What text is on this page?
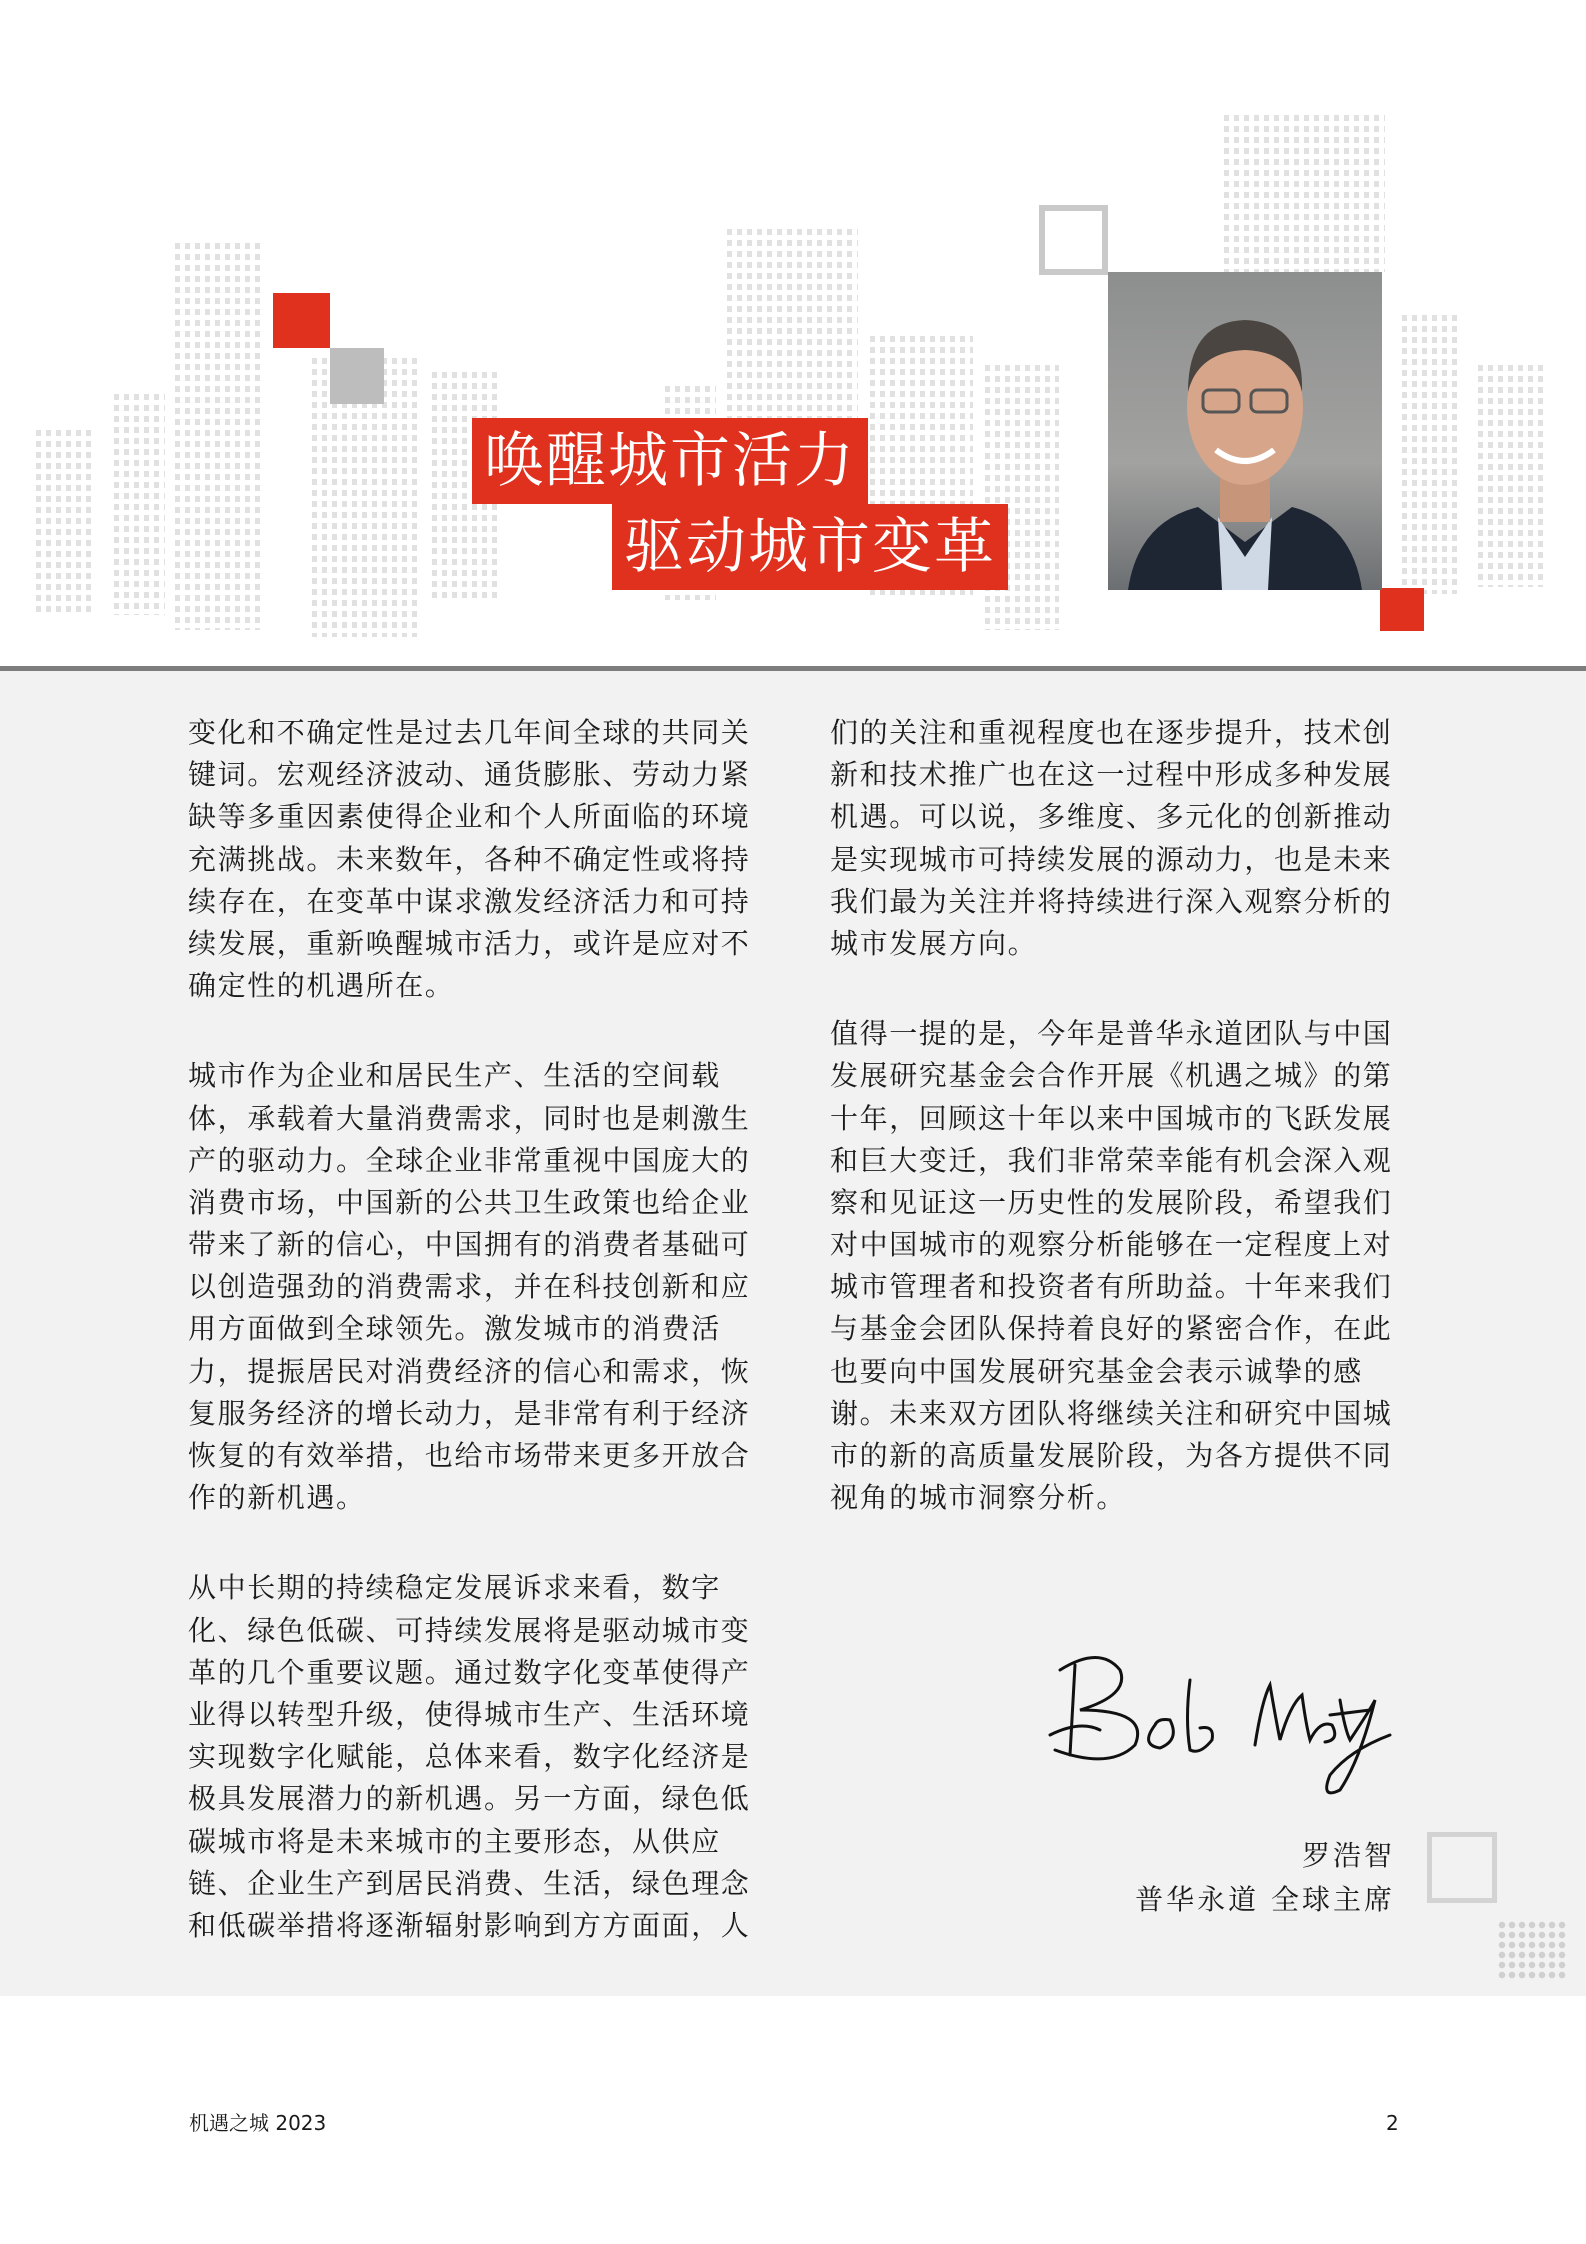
唤醒城市活力
驱动城市变革
变化和不确定性是过去几年间全球的共同关
键词。宏观经济波动、通货膨胀、劳动力紧
缺等多重因素使得企业和个人所面临的环境
充满挑战。未来数年，各种不确定性或将持
续存在，在变革中谋求激发经济活力和可持
续发展，重新唤醒城市活力，或许是应对不
确定性的机遇所在。
城市作为企业和居民生产、生活的空间载
体，承载着大量消费需求，同时也是刺激生
产的驱动力。全球企业非常重视中国庞大的
消费市场，中国新的公共卫生政策也给企业
带来了新的信心，中国拥有的消费者基础可
以创造强劲的消费需求，并在科技创新和应
用方面做到全球领先。激发城市的消费活
力，提振居民对消费经济的信心和需求，恢
复服务经济的增长动力，是非常有利于经济
恢复的有效举措，也给市场带来更多开放合
作的新机遇。
从中长期的持续稳定发展诉求来看，数字
化、绿色低碳、可持续发展将是驱动城市变
革的几个重要议题。通过数字化变革使得产
业得以转型升级，使得城市生产、生活环境
实现数字化赋能，总体来看，数字化经济是
极具发展潜力的新机遇。另一方面，绿色低
碳城市将是未来城市的主要形态，从供应
链、企业生产到居民消费、生活，绿色理念
和低碳举措将逐渐辐射影响到方方面面，人
们的关注和重视程度也在逐步提升，技术创
新和技术推广也在这一过程中形成多种发展
机遇。可以说，多维度、多元化的创新推动
是实现城市可持续发展的源动力，也是未来
我们最为关注并将持续进行深入观察分析的
城市发展方向。
值得一提的是，今年是普华永道团队与中国
发展研究基金会合作开展《机遇之城》的第
十年，回顾这十年以来中国城市的飞跃发展
和巨大变迁，我们非常荣幸能有机会深入观
察和见证这一历史性的发展阶段，希望我们
对中国城市的观察分析能够在一定程度上对
城市管理者和投资者有所助益。十年来我们
与基金会团队保持着良好的紧密合作，在此
也要向中国发展研究基金会表示诚挚的感
谢。未来双方团队将继续关注和研究中国城
市的新的高质量发展阶段，为各方提供不同
视角的城市洞察分析。
罗浩智
普华永道 全球主席
机遇之城 2023	2
